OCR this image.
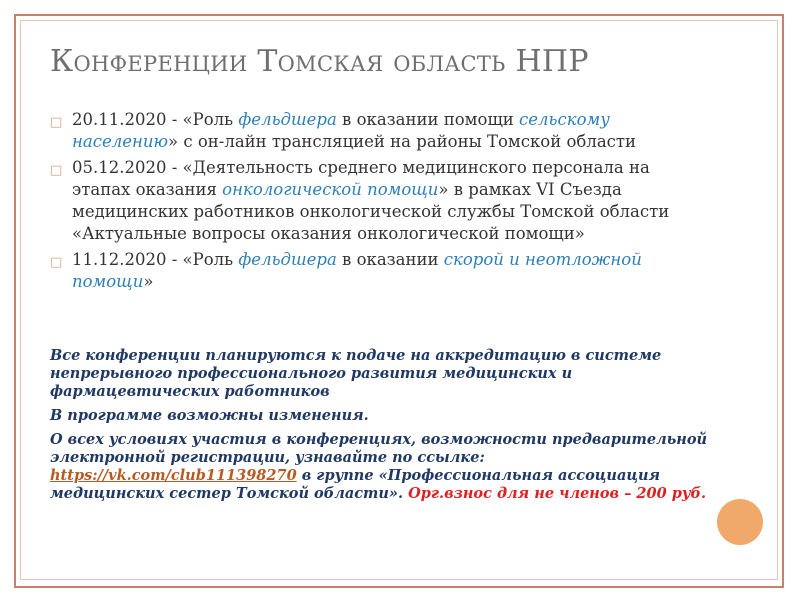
Конференции Томская область НПР
□ 20.11.2020 - «Роль фельдшера в оказании помощи сельскому населению» с он-лайн трансляцией на районы Томской области
□ 05.12.2020 - «Деятельность среднего медицинского персонала на этапах оказания онкологической помощи» в рамках VI Съезда медицинских работников онкологической службы Томской области «Актуальные вопросы оказания онкологической помощи»
□ 11.12.2020 - «Роль фельдшера в оказании скорой и неотложной помощи»

Все конференции планируются к подаче на аккредитацию в системе непрерывного профессионального развития медицинских и фармацевтических работников

В программе возможны изменения.

О всех условиях участия в конференциях, возможности предварительной электронной регистрации, узнавайте по ссылке: https://vk.com/club111398270 в группе «Профессиональная ассоциация медицинских сестер Томской области». Орг.взнос для не членов – 200 руб.
